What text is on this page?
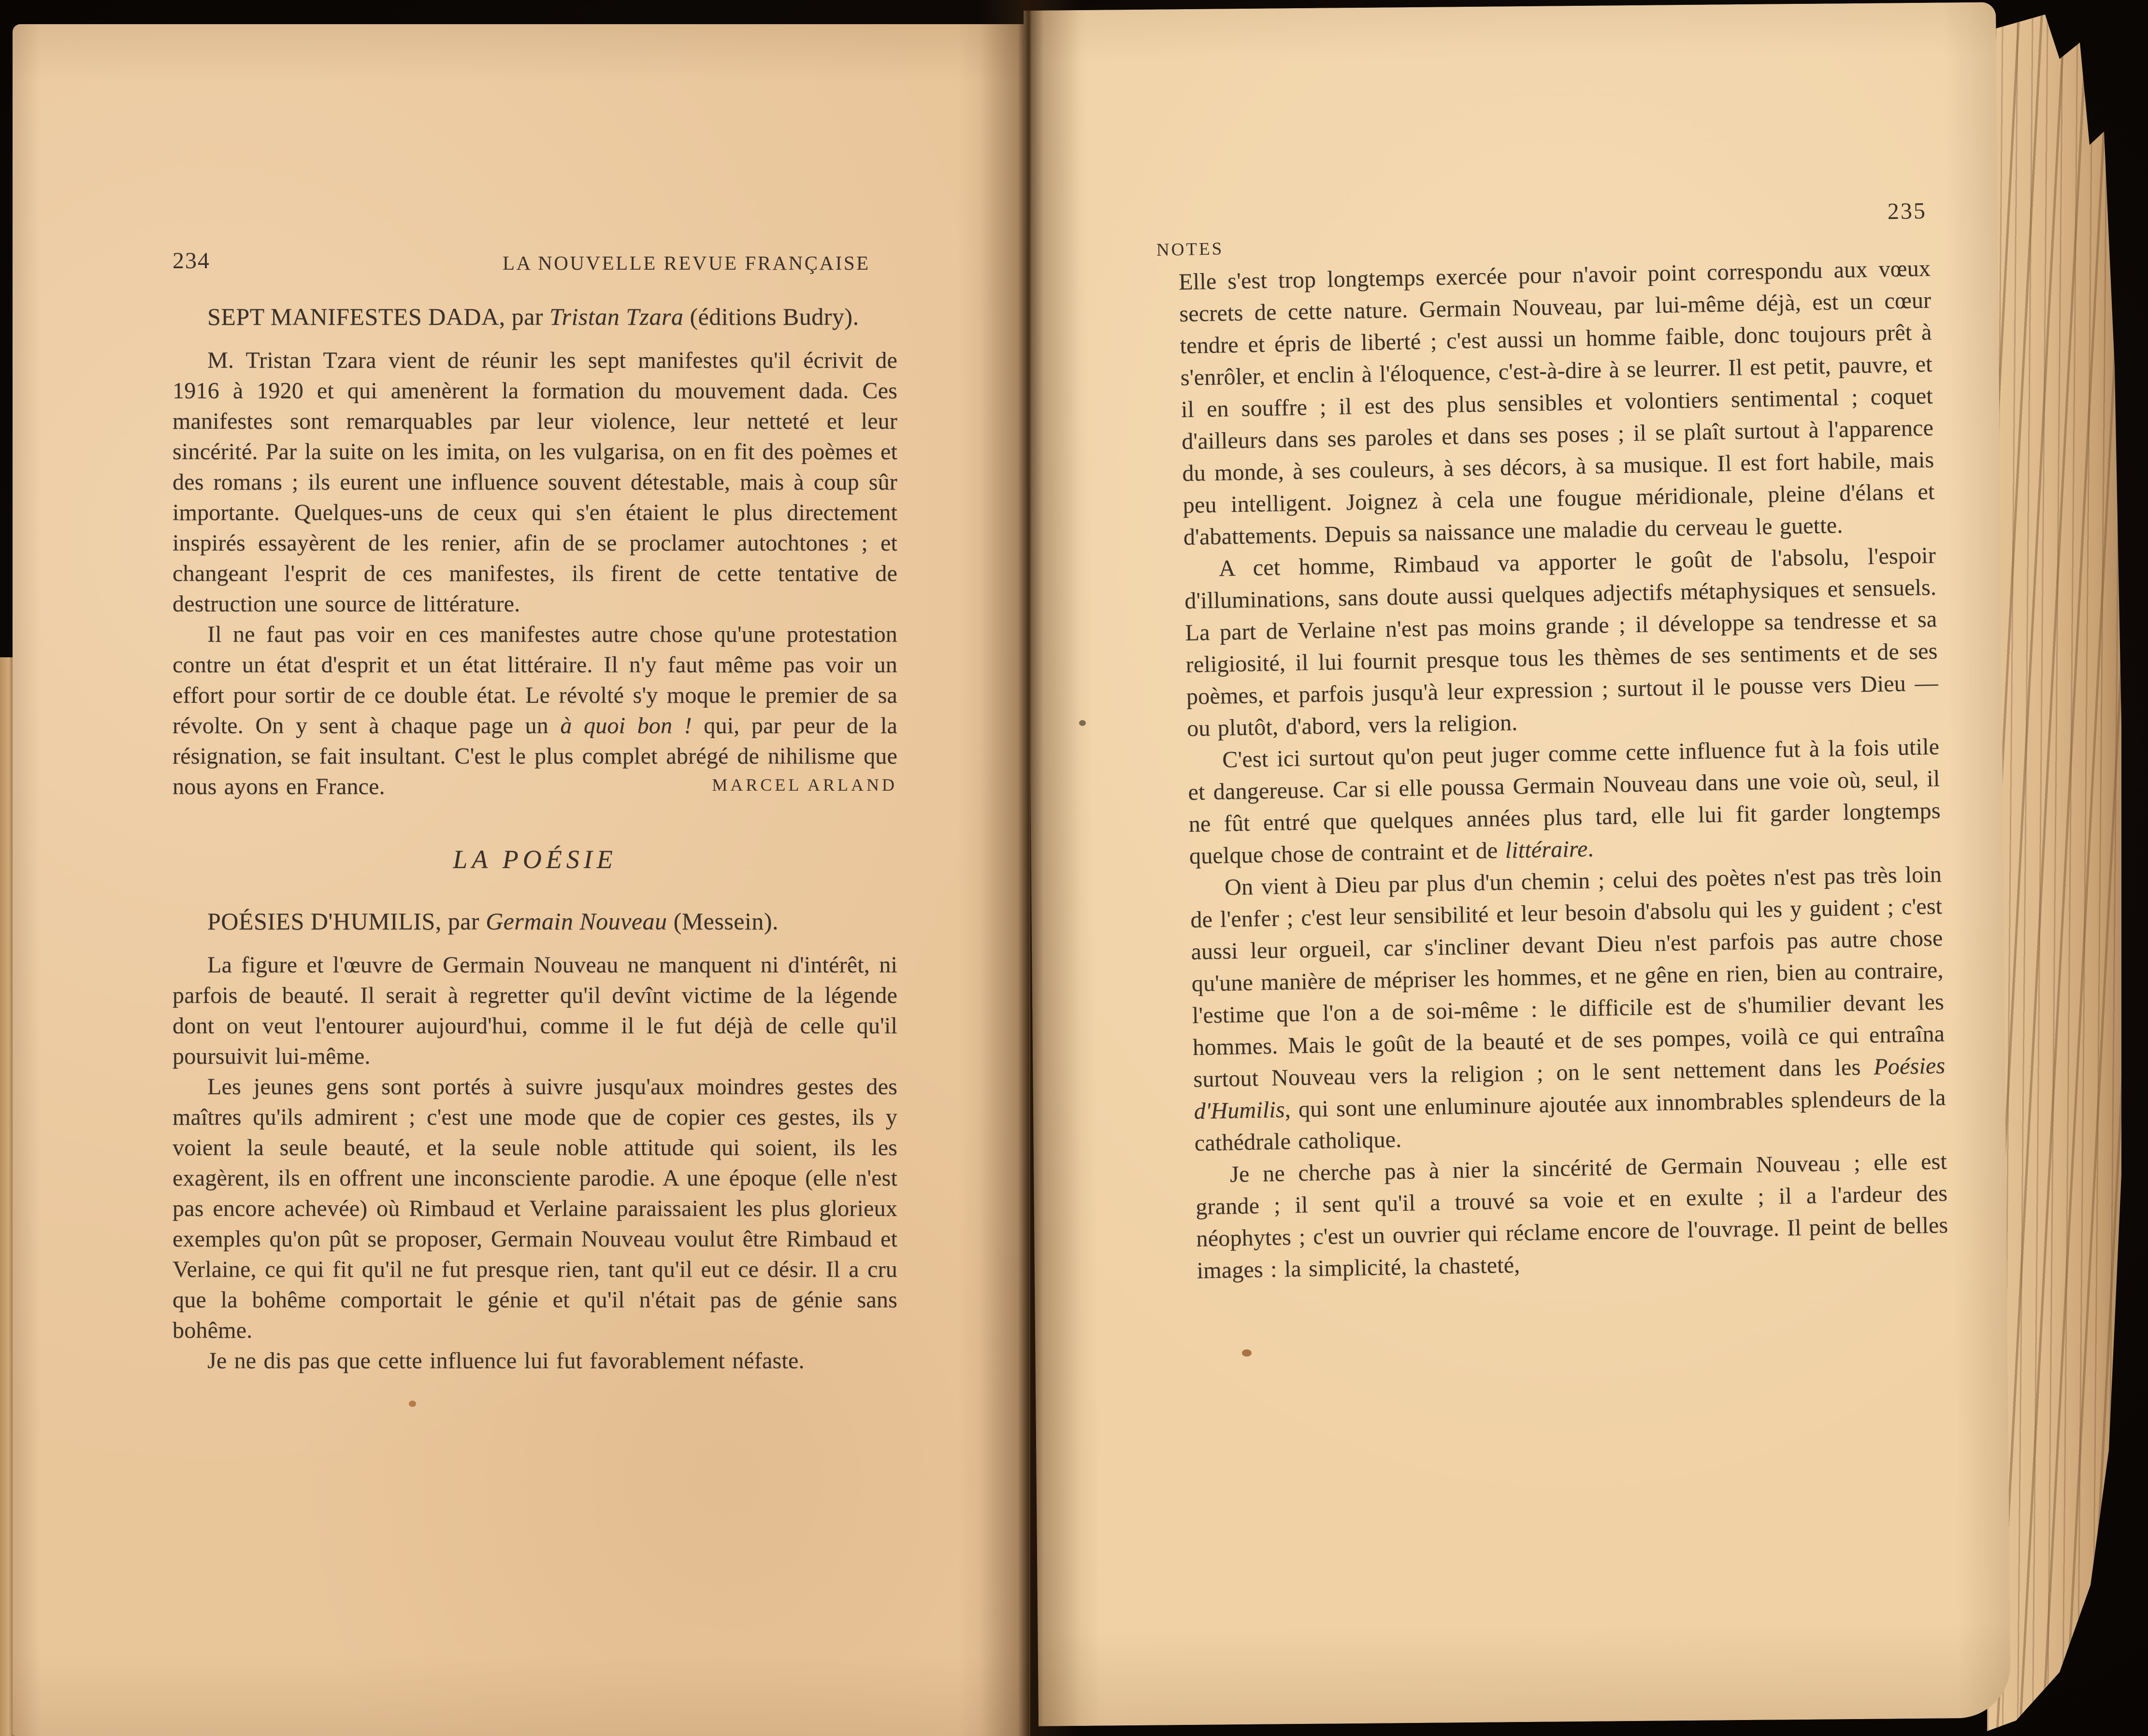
234	LA NOUVELLE REVUE FRANÇAISE
SEPT MANIFESTES DADA, par Tristan Tzara (éditions Budry).

M. Tristan Tzara vient de réunir les sept manifestes qu'il écrivit de 1916 à 1920 et qui amenèrent la formation du mouvement dada. Ces manifestes sont remarquables par leur violence, leur netteté et leur sincérité. Par la suite on les imita, on les vulgarisa, on en fit des poèmes et des romans ; ils eurent une influence souvent détestable, mais à coup sûr importante. Quelques-uns de ceux qui s'en étaient le plus directement inspirés essayèrent de les renier, afin de se proclamer autochtones ; et changeant l'esprit de ces manifestes, ils firent de cette tentative de destruction une source de littérature.

Il ne faut pas voir en ces manifestes autre chose qu'une protestation contre un état d'esprit et un état littéraire. Il n'y faut même pas voir un effort pour sortir de ce double état. Le révolté s'y moque le premier de sa révolte. On y sent à chaque page un à quoi bon ! qui, par peur de la résignation, se fait insultant. C'est le plus complet abrégé de nihilisme que nous ayons en France.	MARCEL ARLAND
LA POÉSIE
POÉSIES D'HUMILIS, par Germain Nouveau (Messein).

La figure et l'œuvre de Germain Nouveau ne manquent ni d'intérêt, ni parfois de beauté. Il serait à regretter qu'il devînt victime de la légende dont on veut l'entourer aujourd'hui, comme il le fut déjà de celle qu'il poursuivit lui-même.

Les jeunes gens sont portés à suivre jusqu'aux moindres gestes des maîtres qu'ils admirent ; c'est une mode que de copier ces gestes, ils y voient la seule beauté, et la seule noble attitude qui soient, ils les exagèrent, ils en offrent une inconsciente parodie. A une époque (elle n'est pas encore achevée) où Rimbaud et Verlaine paraissaient les plus glorieux exemples qu'on pût se proposer, Germain Nouveau voulut être Rimbaud et Verlaine, ce qui fit qu'il ne fut presque rien, tant qu'il eut ce désir. Il a cru que la bohême comportait le génie et qu'il n'était pas de génie sans bohême.

Je ne dis pas que cette influence lui fut favorablement néfaste.

NOTES
235

Elle s'est trop longtemps exercée pour n'avoir point correspondu aux vœux secrets de cette nature. Germain Nouveau, par lui-même déjà, est un cœur tendre et épris de liberté ; c'est aussi un homme faible, donc toujours prêt à s'enrôler, et enclin à l'éloquence, c'est-à-dire à se leurrer. Il est petit, pauvre, et il en souffre ; il est des plus sensibles et volontiers sentimental ; coquet d'ailleurs dans ses paroles et dans ses poses ; il se plaît surtout à l'apparence du monde, à ses couleurs, à ses décors, à sa musique. Il est fort habile, mais peu intelligent. Joignez à cela une fougue méridionale, pleine d'élans et d'abattements. Depuis sa naissance une maladie du cerveau le guette.

A cet homme, Rimbaud va apporter le goût de l'absolu, l'espoir d'illuminations, sans doute aussi quelques adjectifs métaphysiques et sensuels. La part de Verlaine n'est pas moins grande ; il développe sa tendresse et sa religiosité, il lui fournit presque tous les thèmes de ses sentiments et de ses poèmes, et parfois jusqu'à leur expression ; surtout il le pousse vers Dieu — ou plutôt, d'abord, vers la religion.

C'est ici surtout qu'on peut juger comme cette influence fut à la fois utile et dangereuse. Car si elle poussa Germain Nouveau dans une voie où, seul, il ne fût entré que quelques années plus tard, elle lui fit garder longtemps quelque chose de contraint et de littéraire.

On vient à Dieu par plus d'un chemin ; celui des poètes n'est pas très loin de l'enfer ; c'est leur sensibilité et leur besoin d'absolu qui les y guident ; c'est aussi leur orgueil, car s'incliner devant Dieu n'est parfois pas autre chose qu'une manière de mépriser les hommes, et ne gêne en rien, bien au contraire, l'estime que l'on a de soi-même : le difficile est de s'humilier devant les hommes. Mais le goût de la beauté et de ses pompes, voilà ce qui entraîna surtout Nouveau vers la religion ; on le sent nettement dans les Poésies d'Humilis, qui sont une enluminure ajoutée aux innombrables splendeurs de la cathédrale catholique.

Je ne cherche pas à nier la sincérité de Germain Nouveau ; elle est grande ; il sent qu'il a trouvé sa voie et en exulte ; il a l'ardeur des néophytes ; c'est un ouvrier qui réclame encore de l'ouvrage. Il peint de belles images : la simplicité, la chasteté,
